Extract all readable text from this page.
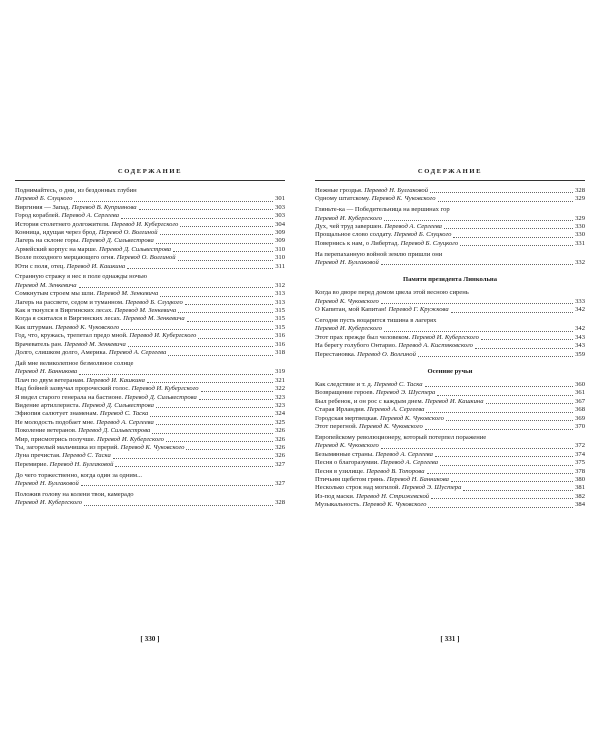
СОДЕРЖАНИЕ
Поднимайтесь, о дни, из бездонных глубин
Перевод Б. Слуцкого	301
Виргиния — Запад. Перевод В. Куприянова	303
Город кораблей. Перевод А. Сергеева	303
История столетнего долгожителя. Перевод И. Кубергского	304
Конница, идущая через брод. Перевод О. Волгиной	309
Лагерь на склоне горы. Перевод Д. Сильвестрова	309
Армейский корпус на марше. Перевод Д. Сильвестрова	310
Возле походного мерцающего огня. Перевод О. Волгиной	310
Юти с поля, отец. Перевод И. Кашкина	311
Странную стражу я нес в поле однажды ночью
Перевод М. Зенкевича	312
Сомкнутым строем мы шли. Перевод М. Зенкевича	313
Лагерь на рассвете, седом и туманном. Перевод Б. Слуцкого	313
Как я ткнулся в Виргинских лесах. Перевод М. Зенкевича	315
Когда я скитался в Виргинских лесах. Перевод М. Зенкевича	315
Как штурман. Перевод К. Чуковского	315
Год, что, кружась, трепетал предо мной. Перевод И. Кубергского	316
Врачеватель ран. Перевод М. Зенкевича	316
Долго, слишком долго, Америка. Перевод А. Сергеева	318
Дай мне великолепное безмолвное солнце
Перевод Н. Банникова	319
Плач по двум ветеранам. Перевод И. Кашкина	321
Над бойней зазвучал пророческий голос. Перевод И. Кубергского	322
Я видел старого генерала на бастионе. Перевод Д. Сильвестрова	323
Видение артиллериста. Перевод Д. Сильвестрова	323
Эфиопия салютует знаменам. Перевод С. Таска	324
Не молодость подобает мне. Перевод А. Сергеева	325
Поколение ветеранов. Перевод Д. Сильвестрова	326
Мир, присмотрись получше. Перевод И. Кубергского	326
Ты, загорелый мальчишка из прерий. Перевод К. Чуковского	326
Луна пречистая. Перевод С. Таска	326
Перемирие. Перевод Н. Булгаковой	327
До чего торжественно, когда один за одним...
Перевод Н. Булгаковой	327
Положив голову на колени твои, камерадо
Перевод И. Кубергского	328
[ 330 ]
СОДЕРЖАНИЕ
Нежные гроздья. Перевод Н. Булгаковой	328
Одному штатскому. Перевод К. Чуковского	329
Гляньте-ка — Победительница на вершинах гор
Перевод И. Кубергского	329
Дух, чей труд завершен. Перевод А. Сергеева	330
Прощальное слово солдату. Перевод Б. Слуцкого	330
Повернись к нам, о Либертад. Перевод Б. Слуцкого	331
На перепаханную войной землю пришли они
Перевод Н. Булгаковой	332
Памяти президента Линкольна
Когда во дворе перед домом цвела этой весною сирень
Перевод К. Чуковского	333
О Капитан, мой Капитан! Перевод Г. Кружкова	342
Сегодня пусть воцарится тишина в лагерях
Перевод И. Кубергского	342
Этот прах прежде был человеком. Перевод И. Кубергского	343
На берегу голубого Онтарио. Перевод А. Кистяковского	343
Перестановка. Перевод О. Волгиной	359
Осенние ручьи
Как следствие и т. д. Перевод С. Таска	360
Возвращение героев. Перевод Э. Шустера	361
Был ребенок, и он рос с каждым днем. Перевод И. Кашкина	367
Старая Ирландия. Перевод А. Сергеева	368
Городская мертвецкая. Перевод К. Чуковского	369
Этот перегной. Перевод К. Чуковского	370
Европейскому революционеру, который потерпел поражение
Перевод К. Чуковского	372
Безымянные страны. Перевод А. Сергеева	374
Песня о благоразумии. Перевод А. Сергеева	375
Песня в узилище. Перевод В. Топорова	378
Птичьим щебетом грянь. Перевод Н. Банникова	380
Несколько строк над могилой. Перевод Э. Шустера	381
Из-под маски. Перевод Н. Стрижевской	382
Музыкальность. Перевод К. Чуковского	384
[ 331 ]
